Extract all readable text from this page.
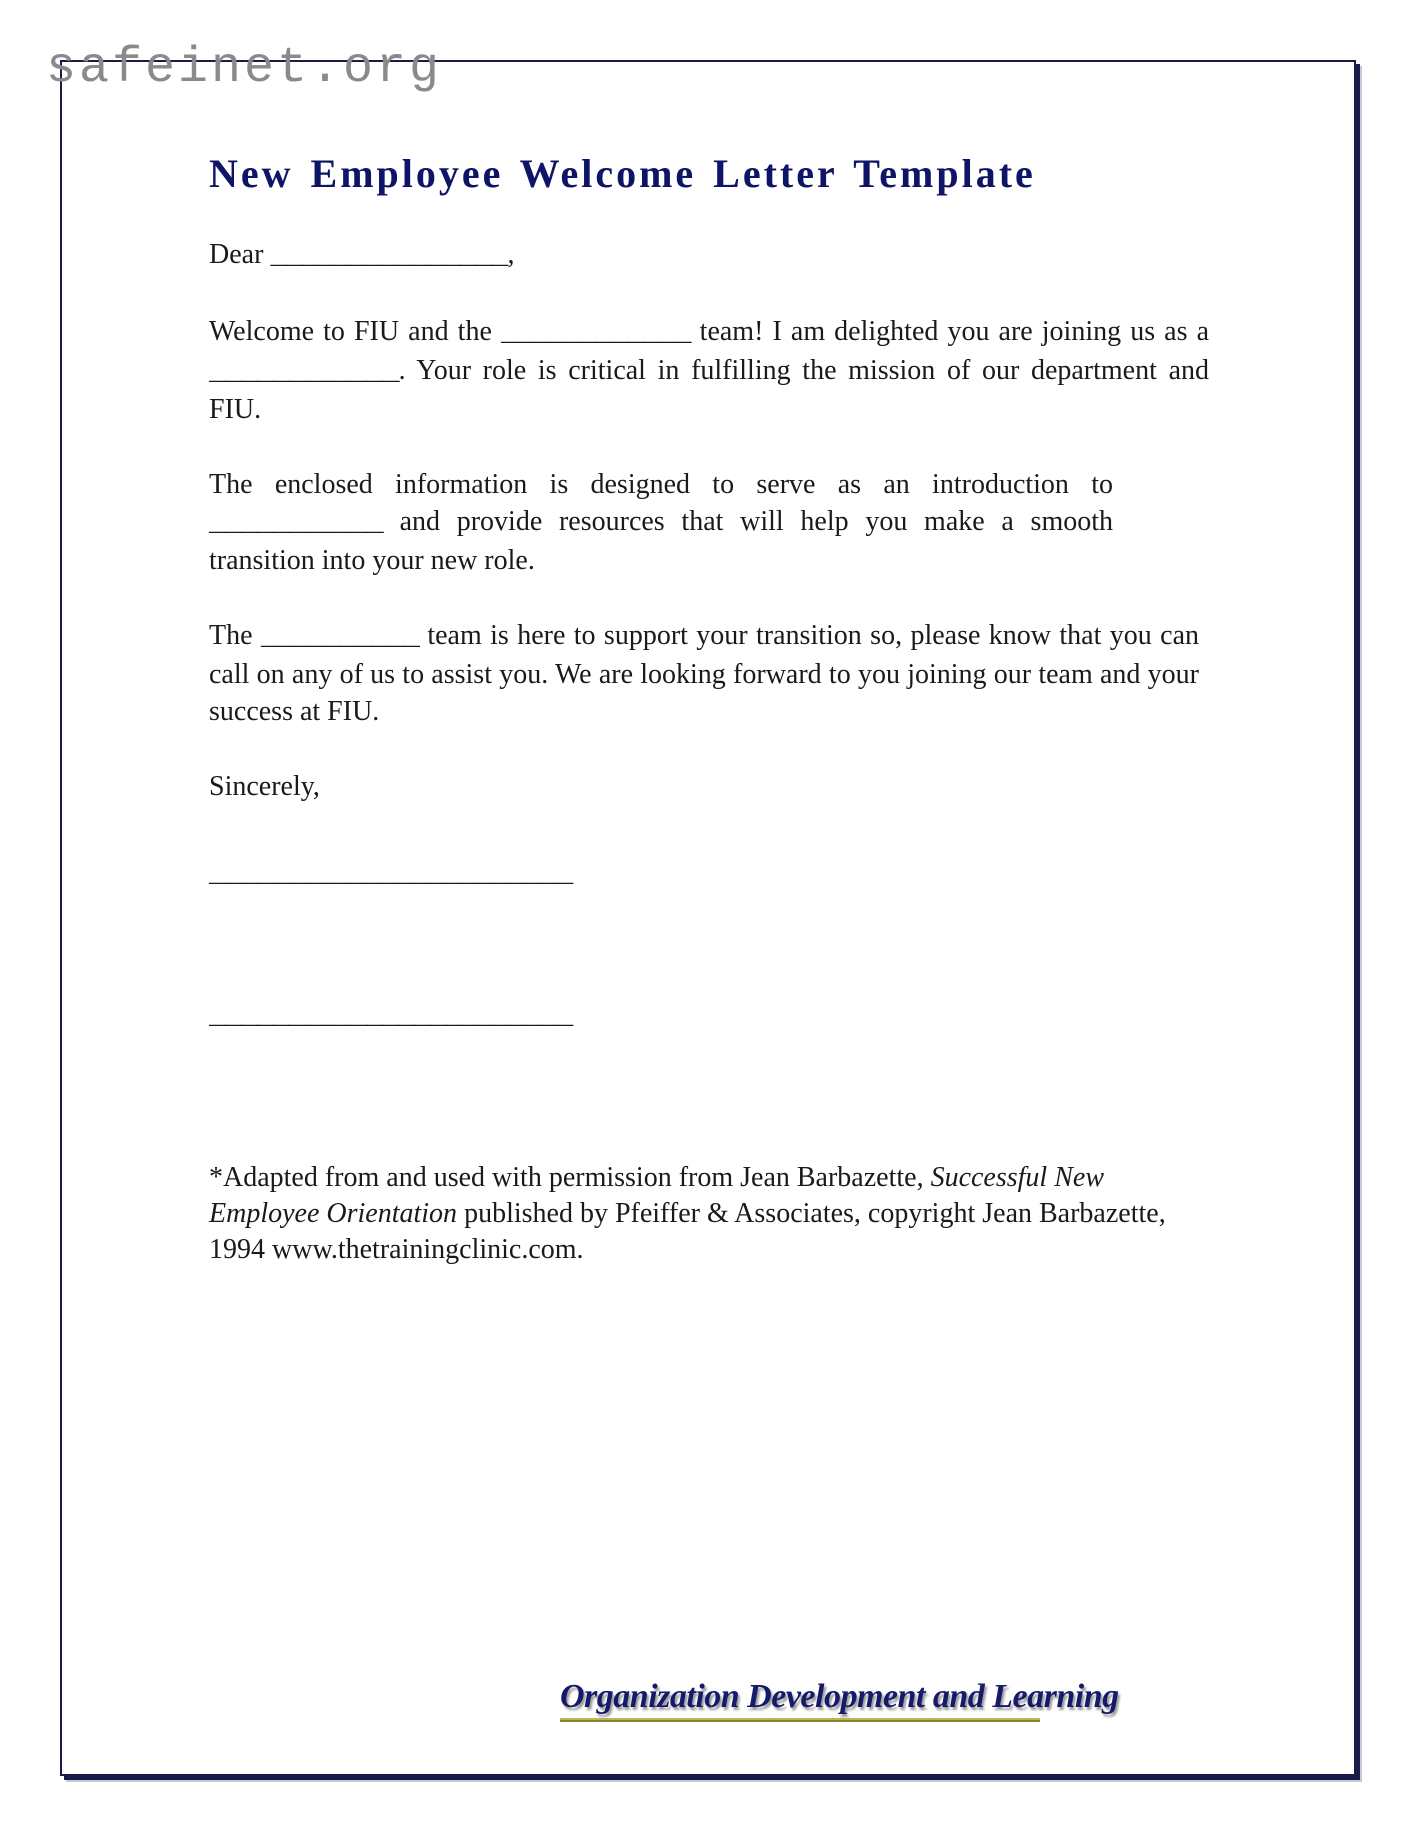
safeinet.org
New Employee Welcome Letter Template

Dear _______________,

Welcome to FIU and the ____________ team! I am delighted you are joining us as a ____________. Your role is critical in fulfilling the mission of our department and FIU.

The enclosed information is designed to serve as an introduction to ___________ and provide resources that will help you make a smooth transition into your new role.

The __________ team is here to support your transition so, please know that you can call on any of us to assist you. We are looking forward to you joining our team and your success at FIU.

Sincerely,

_______________________

_______________________

*Adapted from and used with permission from Jean Barbazette, Successful New Employee Orientation published by Pfeiffer & Associates, copyright Jean Barbazette, 1994 www.thetrainingclinic.com.

Organization Development and Learning
